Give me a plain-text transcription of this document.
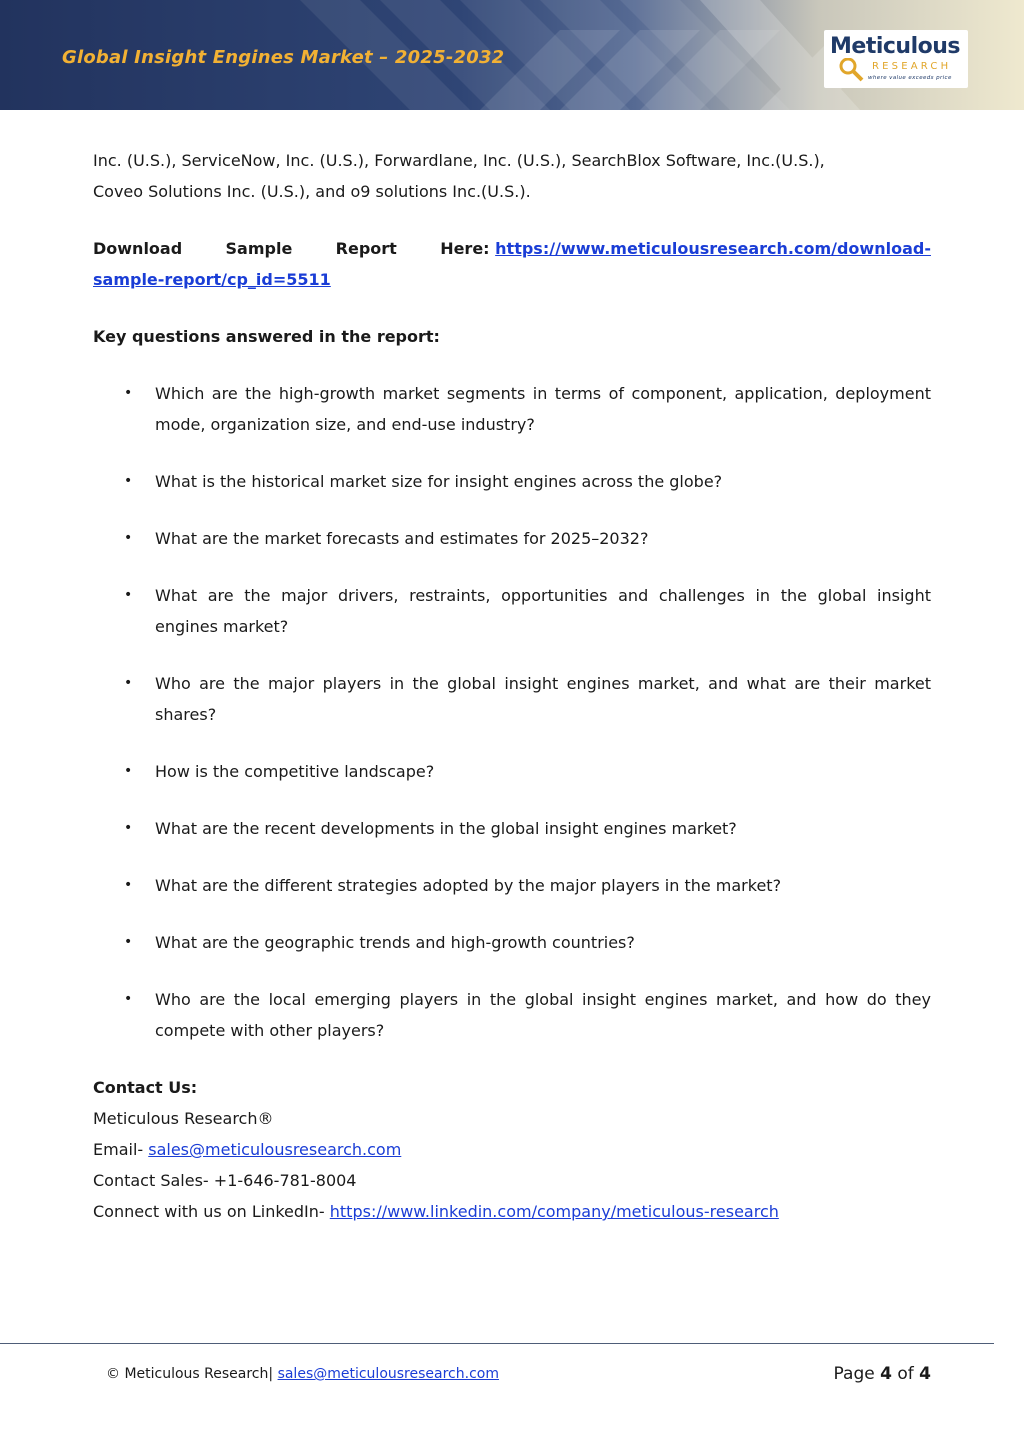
Global Insight Engines Market – 2025-2032	Meticulous
RESEARCH
where value exceeds price

Inc. (U.S.), ServiceNow, Inc. (U.S.), Forwardlane, Inc. (U.S.), SearchBlox Software, Inc.(U.S.),

Coveo Solutions Inc. (U.S.), and o9 solutions Inc.(U.S.).

Download	Sample	Report	Here: https://www.meticulousresearch.com/download-

sample-report/cp_id=5511

Key questions answered in the report:

• Which are the high-growth market segments in terms of component, application, deployment mode, organization size, and end-use industry?
• What is the historical market size for insight engines across the globe?
• What are the market forecasts and estimates for 2025–2032?
• What are the major drivers, restraints, opportunities and challenges in the global insight engines market?
• Who are the major players in the global insight engines market, and what are their market shares?
• How is the competitive landscape?
• What are the recent developments in the global insight engines market?
• What are the different strategies adopted by the major players in the market?
• What are the geographic trends and high-growth countries?
• Who are the local emerging players in the global insight engines market, and how do they compete with other players?

Contact Us:

Meticulous Research®

Email- sales@meticulousresearch.com

Contact Sales- +1-646-781-8004

Connect with us on LinkedIn- https://www.linkedin.com/company/meticulous-research

© Meticulous Research| sales@meticulousresearch.com	Page 4 of 4
